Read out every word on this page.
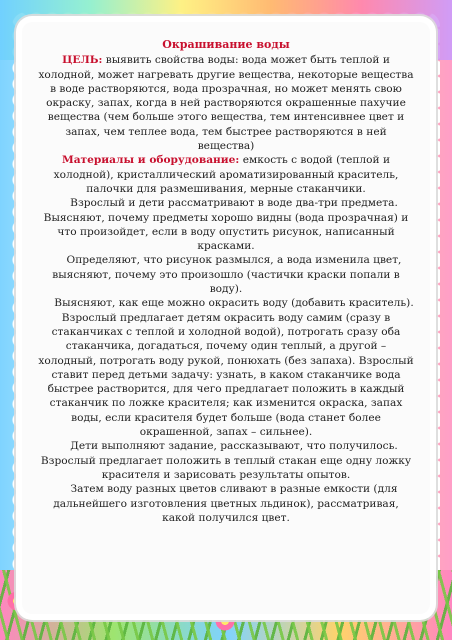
Окрашивание воды

ЦЕЛЬ: выявить свойства воды: вода может быть теплой и холодной, может нагревать другие вещества, некоторые вещества в воде растворяются, вода прозрачная, но может менять свою окраску, запах, когда в ней растворяются окрашенные пахучие вещества (чем больше этого вещества, тем интенсивнее цвет и запах, чем теплее вода, тем быстрее растворяются в ней вещества)

Материалы и оборудование: емкость с водой (теплой и холодной), кристаллический ароматизированный краситель, палочки для размешивания, мерные стаканчики.

Взрослый и дети рассматривают в воде два-три предмета. Выясняют, почему предметы хорошо видны (вода прозрачная) и что произойдет, если в воду опустить рисунок, написанный красками.

Определяют, что рисунок размылся, а вода изменила цвет, выясняют, почему это произошло (частички краски попали в воду).

Выясняют, как еще можно окрасить воду (добавить краситель). Взрослый предлагает детям окрасить воду самим (сразу в стаканчиках с теплой и холодной водой), потрогать сразу оба стаканчика, догадаться, почему один теплый, а другой – холодный, потрогать воду рукой, понюхать (без запаха). Взрослый ставит перед детьми задачу: узнать, в каком стаканчике вода быстрее растворится, для чего предлагает положить в каждый стаканчик по ложке красителя; как изменится окраска, запах воды, если красителя будет больше (вода станет более окрашенной, запах – сильнее).

Дети выполняют задание, рассказывают, что получилось. Взрослый предлагает положить в теплый стакан еще одну ложку красителя и зарисовать результаты опытов.

Затем воду разных цветов сливают в разные емкости (для дальнейшего изготовления цветных льдинок), рассматривая, какой получился цвет.
